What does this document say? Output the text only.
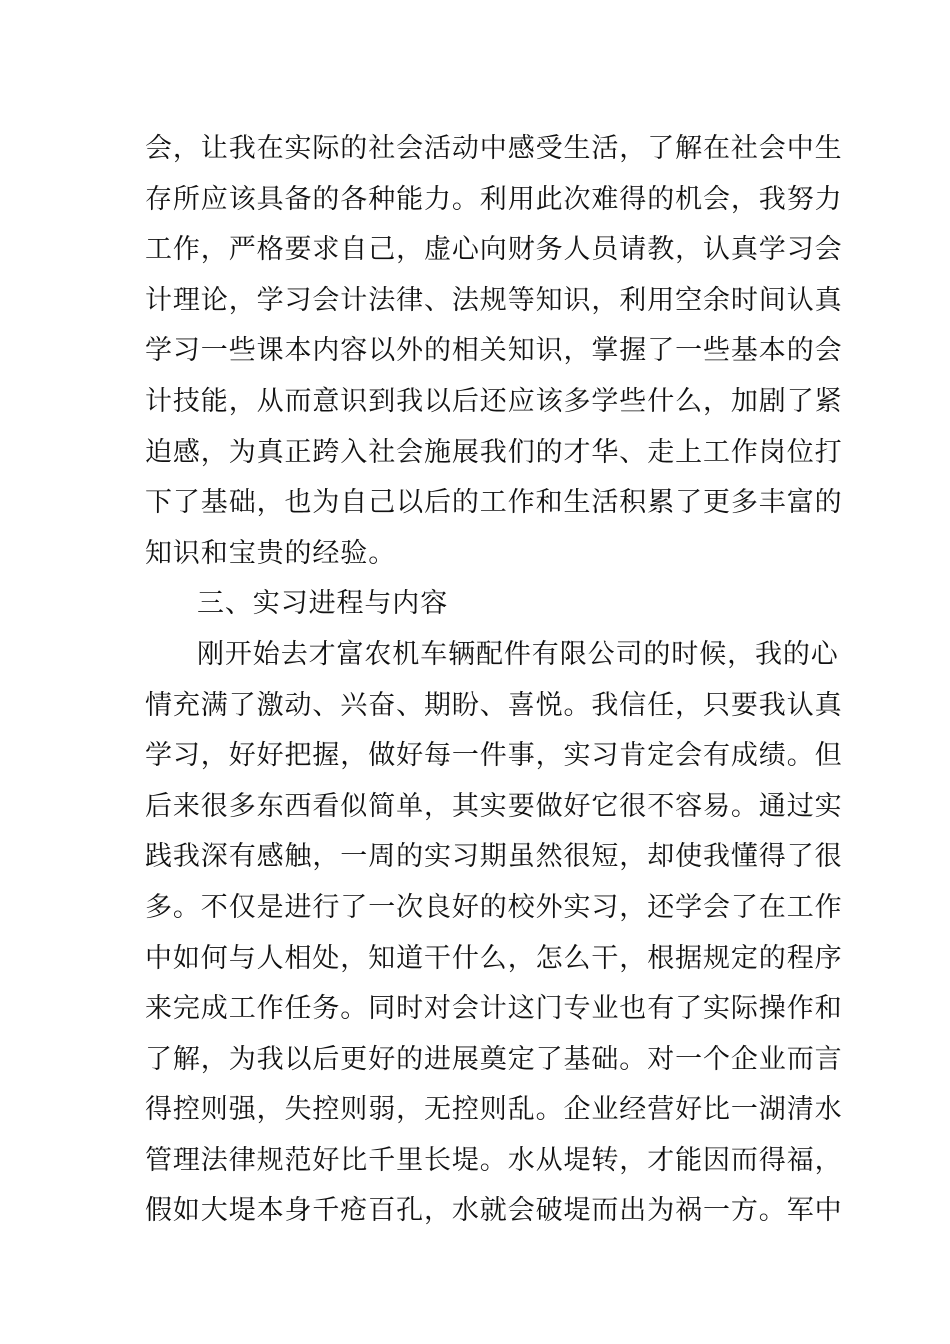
会，让我在实际的社会活动中感受生活，了解在社会中生
存所应该具备的各种能力。利用此次难得的机会，我努力
工作，严格要求自己，虚心向财务人员请教，认真学习会
计理论，学习会计法律、法规等知识，利用空余时间认真
学习一些课本内容以外的相关知识，掌握了一些基本的会
计技能，从而意识到我以后还应该多学些什么，加剧了紧
迫感，为真正跨入社会施展我们的才华、走上工作岗位打
下了基础，也为自己以后的工作和生活积累了更多丰富的
知识和宝贵的经验。
三、实习进程与内容
刚开始去才富农机车辆配件有限公司的时候，我的心
情充满了激动、兴奋、期盼、喜悦。我信任，只要我认真
学习，好好把握，做好每一件事，实习肯定会有成绩。但
后来很多东西看似简单，其实要做好它很不容易。通过实
践我深有感触，一周的实习期虽然很短，却使我懂得了很
多。不仅是进行了一次良好的校外实习，还学会了在工作
中如何与人相处，知道干什么，怎么干，根据规定的程序
来完成工作任务。同时对会计这门专业也有了实际操作和
了解，为我以后更好的进展奠定了基础。对一个企业而言
得控则强，失控则弱，无控则乱。企业经营好比一湖清水
管理法律规范好比千里长堤。水从堤转，才能因而得福，
假如大堤本身千疮百孔，水就会破堤而出为祸一方。军中
